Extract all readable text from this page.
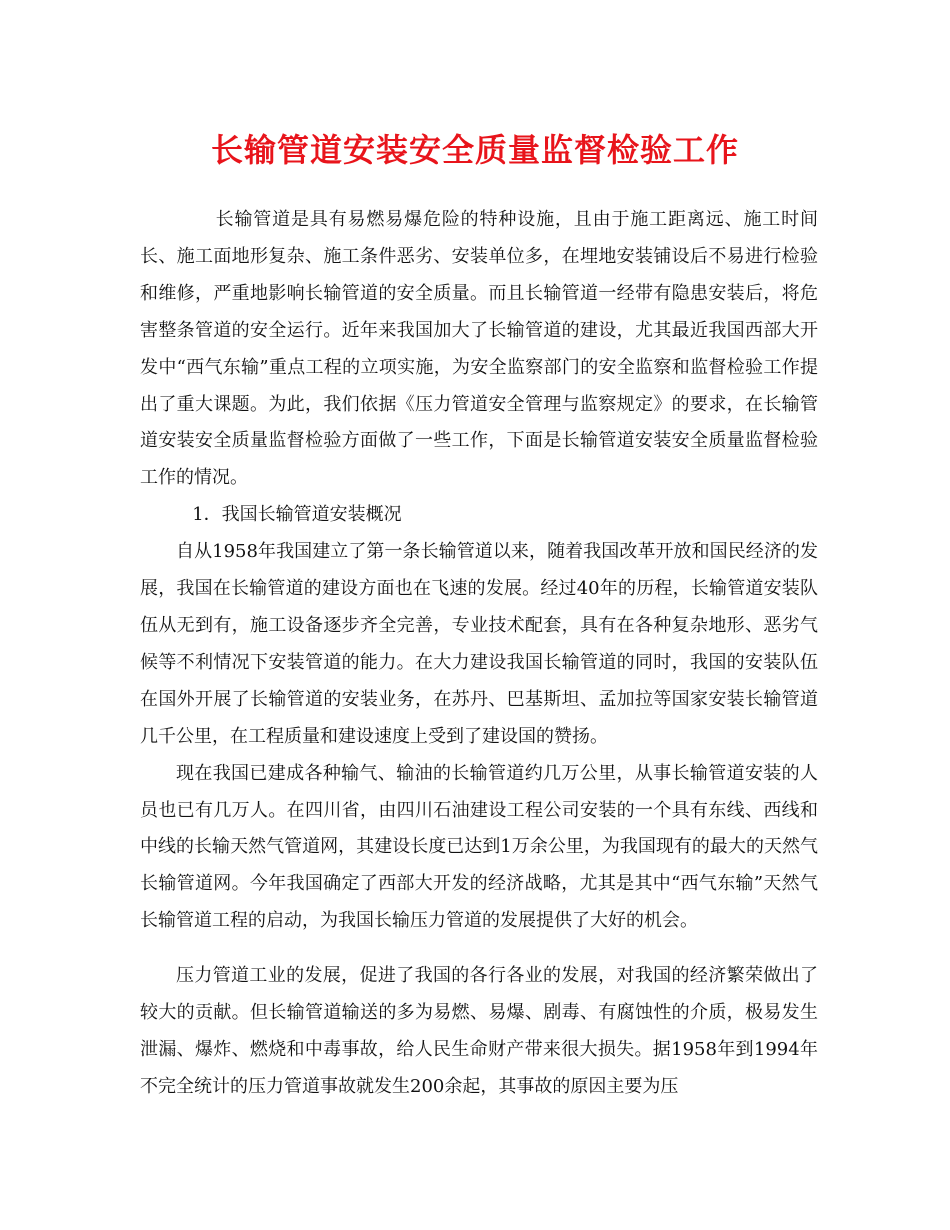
长输管道安装安全质量监督检验工作

长输管道是具有易燃易爆危险的特种设施，且由于施工距离远、施工时间长、施工面地形复杂、施工条件恶劣、安装单位多，在埋地安装铺设后不易进行检验和维修，严重地影响长输管道的安全质量。而且长输管道一经带有隐患安装后，将危害整条管道的安全运行。近年来我国加大了长输管道的建设，尤其最近我国西部大开发中“西气东输”重点工程的立项实施，为安全监察部门的安全监察和监督检验工作提出了重大课题。为此，我们依据《压力管道安全管理与监察规定》的要求，在长输管道安装安全质量监督检验方面做了一些工作，下面是长输管道安装安全质量监督检验工作的情况。

1．我国长输管道安装概况

自从1958年我国建立了第一条长输管道以来，随着我国改革开放和国民经济的发展，我国在长输管道的建设方面也在飞速的发展。经过40年的历程，长输管道安装队伍从无到有，施工设备逐步齐全完善，专业技术配套，具有在各种复杂地形、恶劣气候等不利情况下安装管道的能力。在大力建设我国长输管道的同时，我国的安装队伍在国外开展了长输管道的安装业务，在苏丹、巴基斯坦、孟加拉等国家安装长输管道几千公里，在工程质量和建设速度上受到了建设国的赞扬。

现在我国已建成各种输气、输油的长输管道约几万公里，从事长输管道安装的人员也已有几万人。在四川省，由四川石油建设工程公司安装的一个具有东线、西线和中线的长输天然气管道网，其建设长度已达到1万余公里，为我国现有的最大的天然气长输管道网。今年我国确定了西部大开发的经济战略，尤其是其中“西气东输”天然气长输管道工程的启动，为我国长输压力管道的发展提供了大好的机会。

压力管道工业的发展，促进了我国的各行各业的发展，对我国的经济繁荣做出了较大的贡献。但长输管道输送的多为易燃、易爆、剧毒、有腐蚀性的介质，极易发生泄漏、爆炸、燃烧和中毒事故，给人民生命财产带来很大损失。据1958年到1994年不完全统计的压力管道事故就发生200余起，其事故的原因主要为压
